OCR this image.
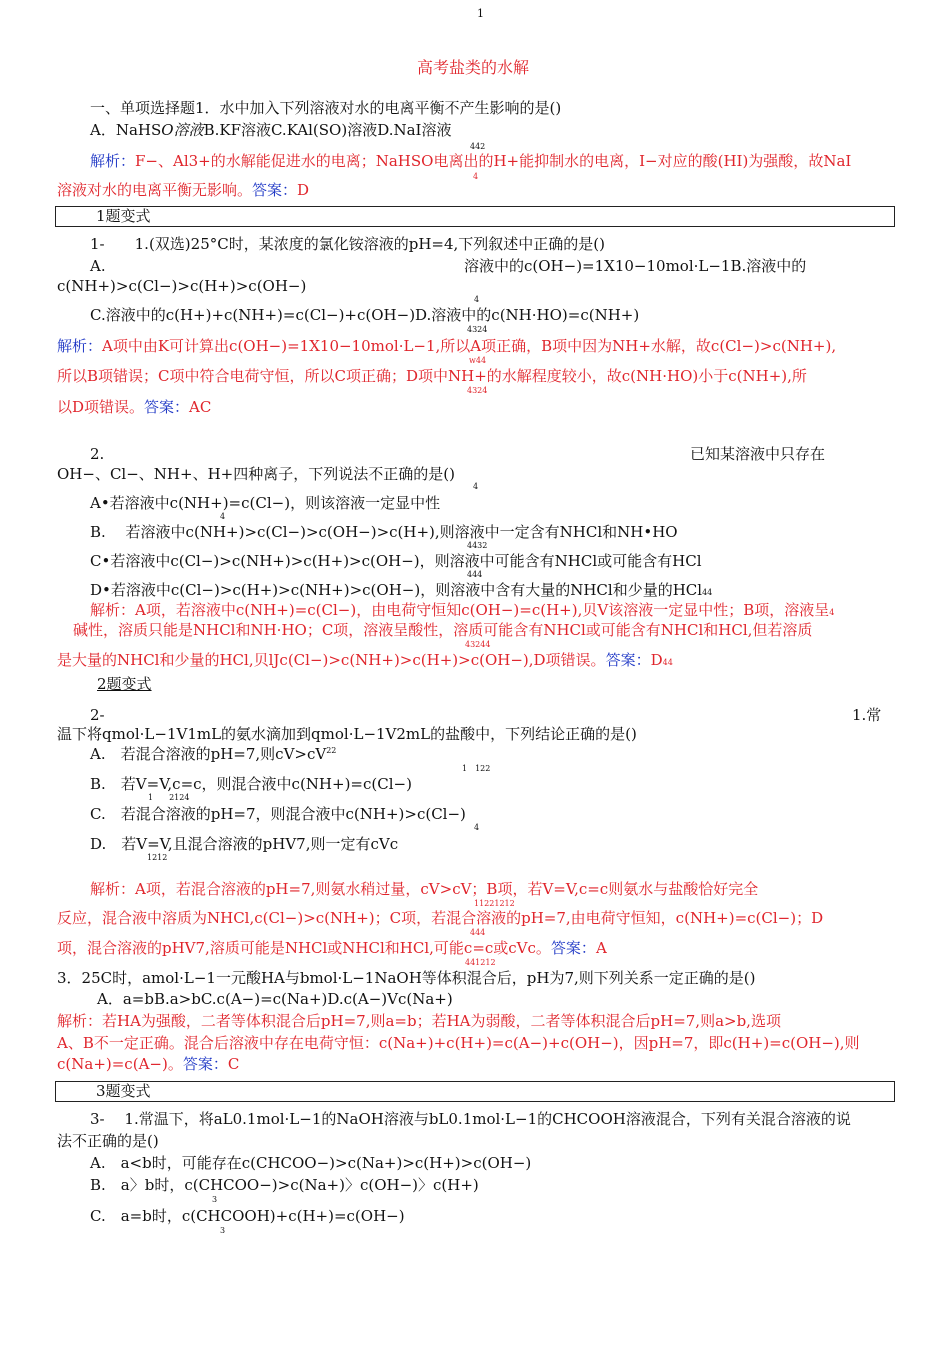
1
高考盐类的水解
一、单项选择题1．水中加入下列溶液对水的电离平衡不产生影响的是()
A．NaHSO溶液B.KF溶液C.KAl(SO)溶液D.NaI溶液
442
解析：F−、Al3+的水解能促进水的电离；NaHSO电离出的H+能抑制水的电离，I−对应的酸(HI)为强酸，故NaI
4
溶液对水的电离平衡无影响。答案：D
1题变式
1-　　 1.(双选)25°C时，某浓度的氯化铵溶液的pH=4,下列叙述中正确的是()
A.	溶液中的c(OH−)=1X10−10mol·L−1B.溶液中的
c(NH+)>c(Cl−)>c(H+)>c(OH−)
4
C.溶液中的c(H+)+c(NH+)=c(Cl−)+c(OH−)D.溶液中的c(NH·HO)=c(NH+)
4324
解析：A项中由K可计算出c(OH−)=1X10−10mol·L−1,所以A项正确，B项中因为NH+水解，故c(Cl−)>c(NH+),
w44
所以B项错误；C项中符合电荷守恒，所以C项正确；D项中NH+的水解程度较小，故c(NH·HO)小于c(NH+),所
4324
以D项错误。答案：AC
2.	已知某溶液中只存在
OH−、Cl−、NH+、H+四种离子，下列说法不正确的是()
4
A•若溶液中c(NH+)=c(Cl−)，则该溶液一定显中性
4
B.　 若溶液中c(NH+)>c(Cl−)>c(OH−)>c(H+),则溶液中一定含有NHCl和NH•HO
4432
C•若溶液中c(Cl−)>c(NH+)>c(H+)>c(OH−)，则溶液中可能含有NHCl或可能含有HCl
444
D•若溶液中c(Cl−)>c(H+)>c(NH+)>c(OH−)，则溶液中含有大量的NHCl和少量的HCl44
解析：A项，若溶液中c(NH+)=c(Cl−)，由电荷守恒知c(OH−)=c(H+),贝V该溶液一定显中性；B项，溶液呈4
碱性，溶质只能是NHCl和NH·HO；C项，溶液呈酸性，溶质可能含有NHCl或可能含有NHCl和HCl,但若溶质
43244
是大量的NHCl和少量的HCl,贝lJc(Cl−)>c(NH+)>c(H+)>c(OH−),D项错误。答案：D44
2题变式
2-	1.常
温下将qmol·L−1V1mL的氨水滴加到qmol·L−1V2mL的盐酸中，下列结论正确的是()
A.　若混合溶液的pH=7,则$cV>cV^{22}$
1　122
B.　若V=V,c=c，则混合液中c(NH+)=c(Cl−)
1　　2124
C.　若混合溶液的pH=7，则混合液中c(NH+)>c(Cl−)
4
D.　若V=V,且混合溶液的pHV7,则一定有cVc
1212
解析：A项，若混合溶液的pH=7,则氨水稍过量，cV>cV；B项，若V=V,c=c则氨水与盐酸恰好完全
11221212
反应，混合液中溶质为NHCl,c(Cl−)>c(NH+)；C项，若混合溶液的pH=7,由电荷守恒知，c(NH+)=c(Cl−)；D
444
项，混合溶液的pHV7,溶质可能是NHCl或NHCl和HCl,可能c=c或cVc。答案：A
441212
3．25C时，amol·L−1一元酸HA与bmol·L−1NaOH等体积混合后，pH为7,则下列关系一定正确的是()
A．a=bB.a>bC.c(A−)=c(Na+)D.c(A−)Vc(Na+)
解析：若HA为强酸，二者等体积混合后pH=7,则a=b；若HA为弱酸，二者等体积混合后pH=7,则a>b,选项
A、B不一定正确。混合后溶液中存在电荷守恒：c(Na+)+c(H+)=c(A−)+c(OH−)，因pH=7，即c(H+)=c(OH−),则
c(Na+)=c(A−)。答案：C
3题变式
3-　 1.常温下，将aL0.1mol·L−1的NaOH溶液与bL0.1mol·L−1的CHCOOH溶液混合，下列有关混合溶液的说
法不正确的是()
A.　a<b时，可能存在c(CHCOO−)>c(Na+)>c(H+)>c(OH−)
B.　a〉b时，c(CHCOO−)>c(Na+)〉c(OH−)〉c(H+)
3
C.　a=b时，c(CHCOOH)+c(H+)=c(OH−)
3
